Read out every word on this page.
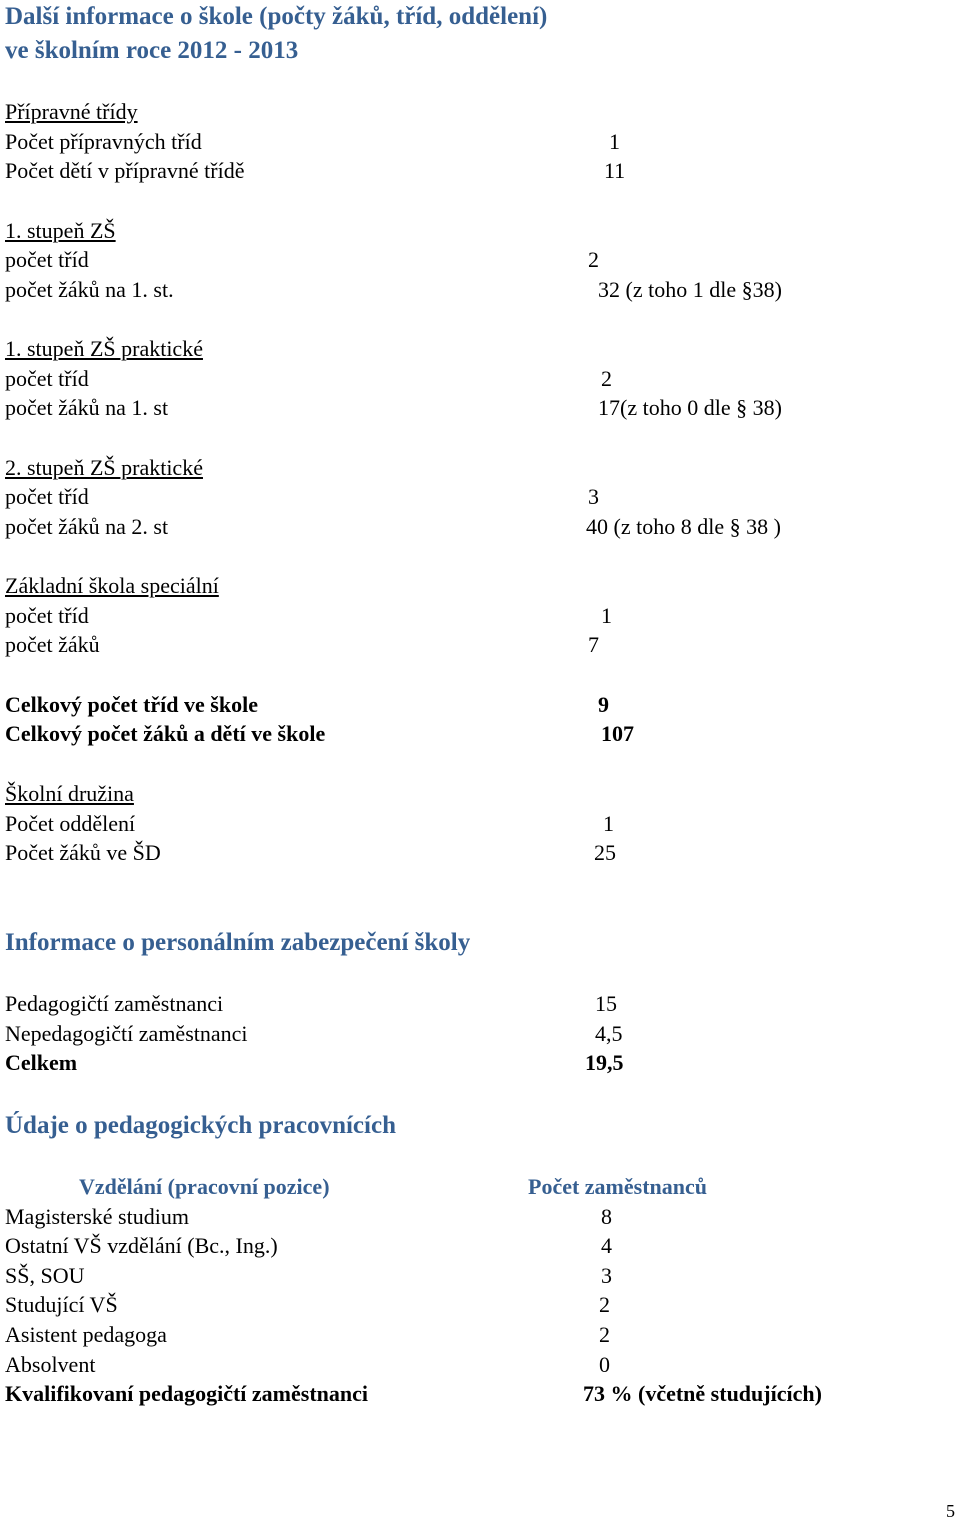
Další informace o škole (počty žáků, tříd, oddělení)
ve školním roce 2012 - 2013
Přípravné třídy
Počet přípravných tříd	1
Počet dětí v přípravné třídě	11
1. stupeň ZŠ
počet tříd	2
počet žáků na 1. st.	32 (z toho 1 dle §38)
1. stupeň ZŠ praktické
počet tříd	2
počet žáků na 1. st	17(z toho 0 dle § 38)
2. stupeň ZŠ praktické
počet tříd	3
počet žáků na 2. st	40 (z toho 8 dle § 38 )
Základní škola speciální
počet tříd	1
počet žáků	7
Celkový počet tříd ve škole	9
Celkový počet žáků a dětí ve škole	107
Školní družina
Počet oddělení	1
Počet žáků ve ŠD	25
Informace o personálním zabezpečení školy
Pedagogičtí zaměstnanci	15
Nepedagogičtí zaměstnanci	4,5
Celkem	19,5
Údaje o pedagogických pracovnících
Vzdělání (pracovní pozice)	Počet zaměstnanců
Magisterské studium	8
Ostatní VŠ vzdělání (Bc., Ing.)	4
SŠ, SOU	3
Studující VŠ	2
Asistent pedagoga	2
Absolvent	0
Kvalifikovaní pedagogičtí zaměstnanci	73 % (včetně studujících)
5
